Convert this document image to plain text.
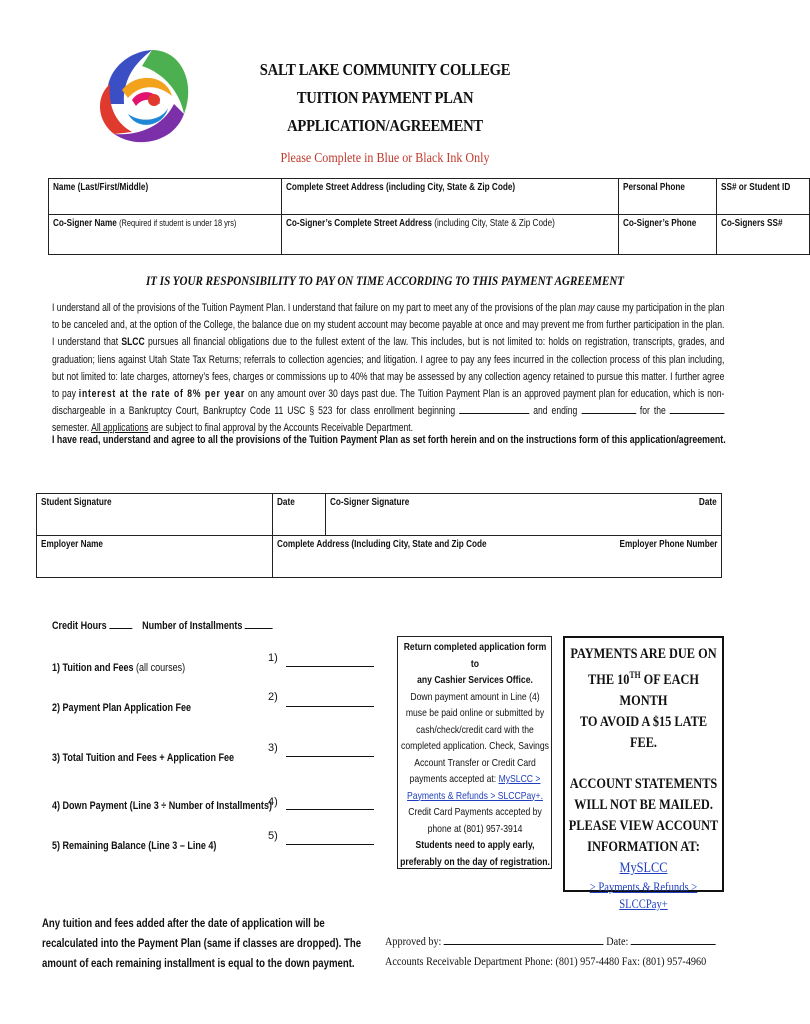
SALT LAKE COMMUNITY COLLEGE
TUITION PAYMENT PLAN
APPLICATION/AGREEMENT
Please Complete in Blue or Black Ink Only
Name (Last/First/Middle)	Complete Street Address (including City, State & Zip Code)	Personal Phone	SS# or Student ID
Co-Signer Name (Required if student is under 18 yrs)	Co-Signer’s Complete Street Address (including City, State & Zip Code)	Co-Signer’s Phone	Co-Signers SS#
IT IS YOUR RESPONSIBILITY TO PAY ON TIME ACCORDING TO THIS PAYMENT AGREEMENT
I understand all of the provisions of the Tuition Payment Plan. I understand that failure on my part to meet any of the provisions of the plan may cause my participation in the plan to be canceled and, at the option of the College, the balance due on my student account may become payable at once and may prevent me from further participation in the plan. I understand that SLCC pursues all financial obligations due to the fullest extent of the law. This includes, but is not limited to: holds on registration, transcripts, grades, and graduation; liens against Utah State Tax Returns; referrals to collection agencies; and litigation. I agree to pay any fees incurred in the collection process of this plan including, but not limited to: late charges, attorney’s fees, charges or commissions up to 40% that may be assessed by any collection agency retained to pursue this matter. I further agree to pay interest at the rate of 8% per year on any amount over 30 days past due. The Tuition Payment Plan is an approved payment plan for education, which is non-dischargeable in a Bankruptcy Court, Bankruptcy Code 11 USC § 523 for class enrollment beginning	and ending	for the  semester. All applications are subject to final approval by the Accounts Receivable Department.
I have read, understand and agree to all the provisions of the Tuition Payment Plan as set forth herein and on the instructions form of this application/agreement.
Student Signature	Date	Co-Signer Signature	Date
Employer Name	Complete Address (Including City, State and Zip Code		Employer Phone Number
Credit Hours	Number of Installments
1) Tuition and Fees (all courses)
1)
2) Payment Plan Application Fee
2)
3) Total Tuition and Fees + Application Fee
3)
4) Down Payment (Line 3 ÷ Number of Installments)
4)
5) Remaining Balance (Line 3 – Line 4)
5)
Return completed application form to
any Cashier Services Office.
Down payment amount in Line (4)
muse be paid online or submitted by
cash/check/credit card with the
completed application. Check, Savings
Account Transfer or Credit Card
payments accepted at: MySLCC >
Payments & Refunds > SLCCPay+.
Credit Card Payments accepted by
phone at (801) 957-3914
Students need to apply early,
preferably on the day of registration.
PAYMENTS ARE DUE ON
THE 10TH OF EACH MONTH
TO AVOID A $15 LATE FEE.
ACCOUNT STATEMENTS
WILL NOT BE MAILED.
PLEASE VIEW ACCOUNT
INFORMATION AT: MySLCC
> Payments & Refunds >
SLCCPay+
Any tuition and fees added after the date of application will be recalculated into the Payment Plan (same if classes are dropped). The amount of each remaining installment is equal to the down payment.
Approved by:	Date:
Accounts Receivable Department Phone: (801) 957-4480 Fax: (801) 957-4960
